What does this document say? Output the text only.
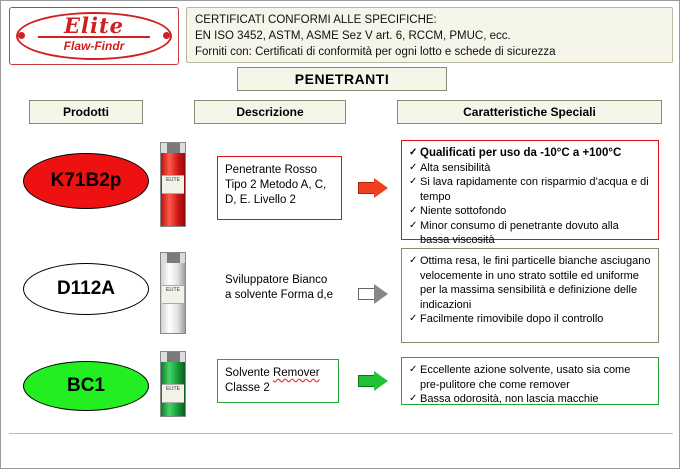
Elite
Flaw-Findr
CERTIFICATI CONFORMI ALLE SPECIFICHE:
EN ISO 3452, ASTM, ASME Sez V art. 6, RCCM, PMUC, ecc.
Forniti con: Certificati di conformità per ogni lotto e schede di sicurezza
PENETRANTI
Prodotti	Descrizione	Caratteristiche Speciali
K71B2p	ELITE

Penetrante Rosso Tipo 2 Metodo A, C, D, E. Livello 2

✓ Qualificati per uso da -10°C a +100°C
✓ Alta sensibilità
✓ Si lava rapidamente con risparmio d’acqua e di tempo
✓ Niente sottofondo
✓ Minor consumo di penetrante dovuto alla bassa viscosità
D112A	ELITE

Sviluppatore Bianco a solvente Forma d,e

✓ Ottima resa, le fini particelle bianche asciugano velocemente in uno strato sottile ed uniforme per la massima sensibilità e definizione delle indicazioni
✓ Facilmente rimovibile dopo il controllo
BC1	ELITE

Solvente Remover Classe 2

✓ Eccellente azione solvente, usato sia come pre-pulitore che come remover
✓ Bassa odorosità, non lascia macchie
